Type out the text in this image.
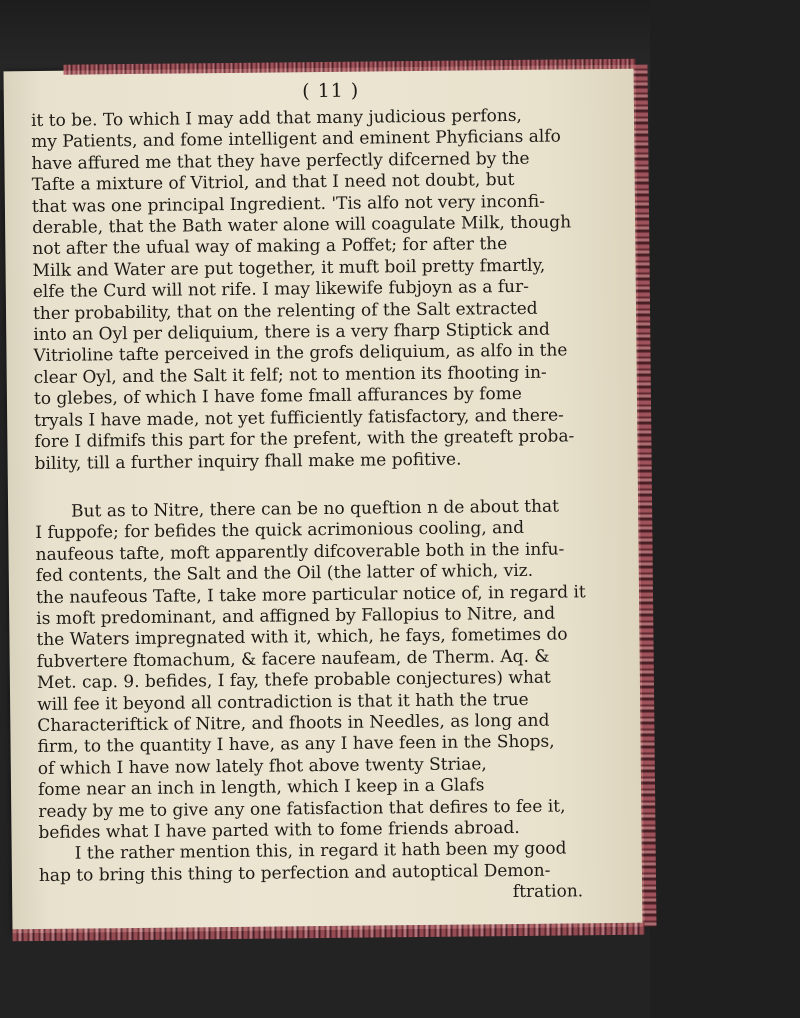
( 11 )
it to be. To which I may add that many judicious perfons,
my Patients, and fome intelligent and eminent Phyficians alfo
have affured me that they have perfectly difcerned by the
Tafte a mixture of Vitriol, and that I need not doubt, but
that was one principal Ingredient. 'Tis alfo not very inconfi-
derable, that the Bath water alone will coagulate Milk, though
not after the ufual way of making a Poffet; for after the
Milk and Water are put together, it muft boil pretty fmartly,
elfe the Curd will not rife. I may likewife fubjoyn as a fur-
ther probability, that on the relenting of the Salt extracted
into an Oyl per deliquium, there is a very fharp Stiptick and
Vitrioline tafte perceived in the grofs deliquium, as alfo in the
clear Oyl, and the Salt it felf; not to mention its fhooting in-
to glebes, of which I have fome fmall affurances by fome
tryals I have made, not yet fufficiently fatisfactory, and there-
fore I difmifs this part for the prefent, with the greateft proba-
bility, till a further inquiry fhall make me pofitive.
But as to Nitre, there can be no queftion n de about that
I fuppofe; for befides the quick acrimonious cooling, and
naufeous tafte, moft apparently difcoverable both in the infu-
fed contents, the Salt and the Oil (the latter of which, viz.
the naufeous Tafte, I take more particular notice of, in regard it
is moft predominant, and affigned by Fallopius to Nitre, and
the Waters impregnated with it, which, he fays, fometimes do
fubvertere ftomachum, & facere naufeam, de Therm. Aq. &
Met. cap. 9. befides, I fay, thefe probable conjectures) what
will fee it beyond all contradiction is that it hath the true
Characteriftick of Nitre, and fhoots in Needles, as long and
firm, to the quantity I have, as any I have feen in the Shops,
of which I have now lately fhot above twenty Striae,
fome near an inch in length, which I keep in a Glafs
ready by me to give any one fatisfaction that defires to fee it,
befides what I have parted with to fome friends abroad.
I the rather mention this, in regard it hath been my good
hap to bring this thing to perfection and autoptical Demon-
ftration.
